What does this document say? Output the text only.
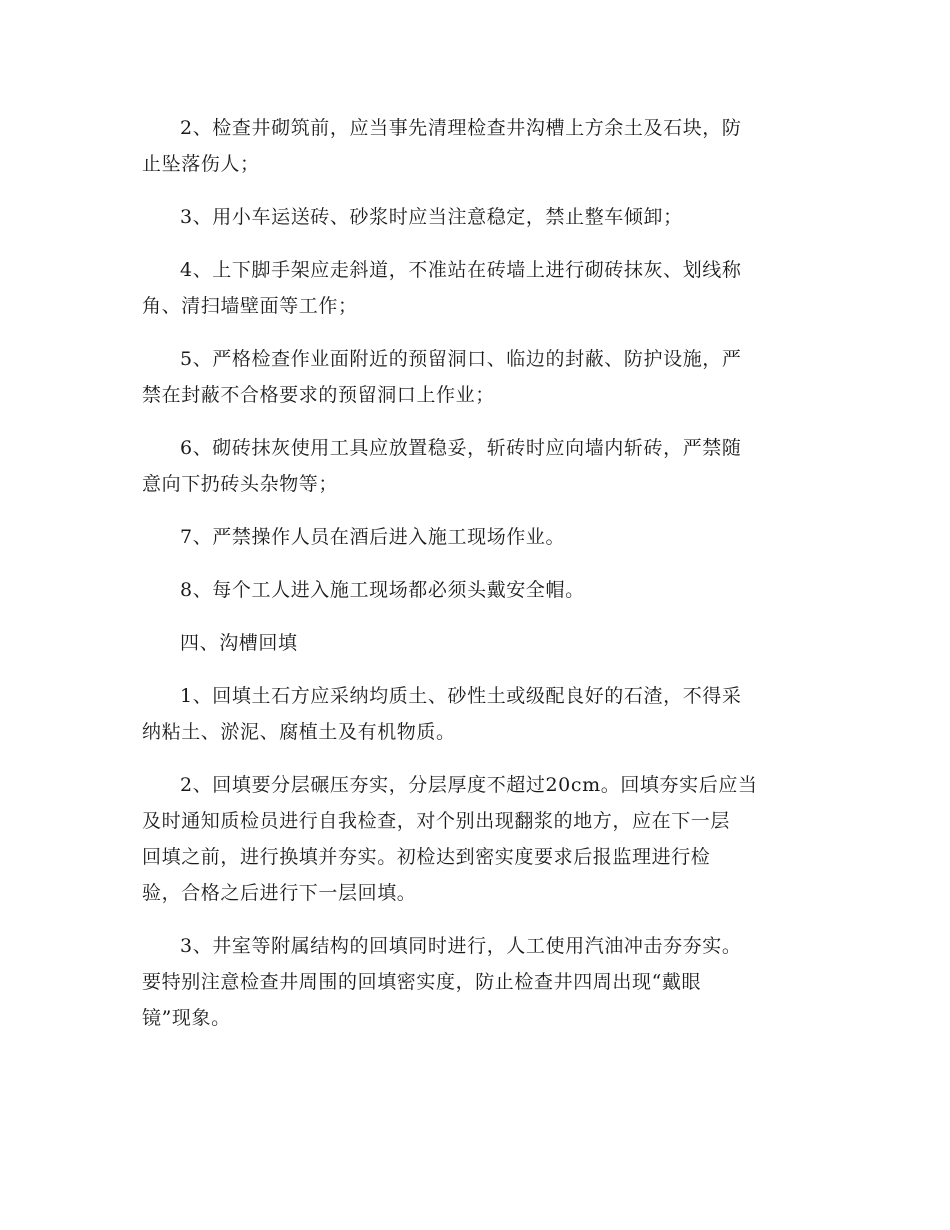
2、检查井砌筑前，应当事先清理检查井沟槽上方余土及石块，防
止坠落伤人；

3、用小车运送砖、砂浆时应当注意稳定，禁止整车倾卸；

4、上下脚手架应走斜道，不准站在砖墙上进行砌砖抹灰、划线称
角、清扫墙壁面等工作；

5、严格检查作业面附近的预留洞口、临边的封蔽、防护设施，严
禁在封蔽不合格要求的预留洞口上作业；

6、砌砖抹灰使用工具应放置稳妥，斩砖时应向墙内斩砖，严禁随
意向下扔砖头杂物等；

7、严禁操作人员在酒后进入施工现场作业。

8、每个工人进入施工现场都必须头戴安全帽。

四、沟槽回填

1、回填土石方应采纳均质土、砂性土或级配良好的石渣，不得采
纳粘土、淤泥、腐植土及有机物质。

2、回填要分层碾压夯实，分层厚度不超过20cm。回填夯实后应当
及时通知质检员进行自我检查，对个别出现翻浆的地方，应在下一层
回填之前，进行换填并夯实。初检达到密实度要求后报监理进行检
验，合格之后进行下一层回填。

3、井室等附属结构的回填同时进行，人工使用汽油冲击夯夯实。
要特别注意检查井周围的回填密实度，防止检查井四周出现“戴眼
镜”现象。
